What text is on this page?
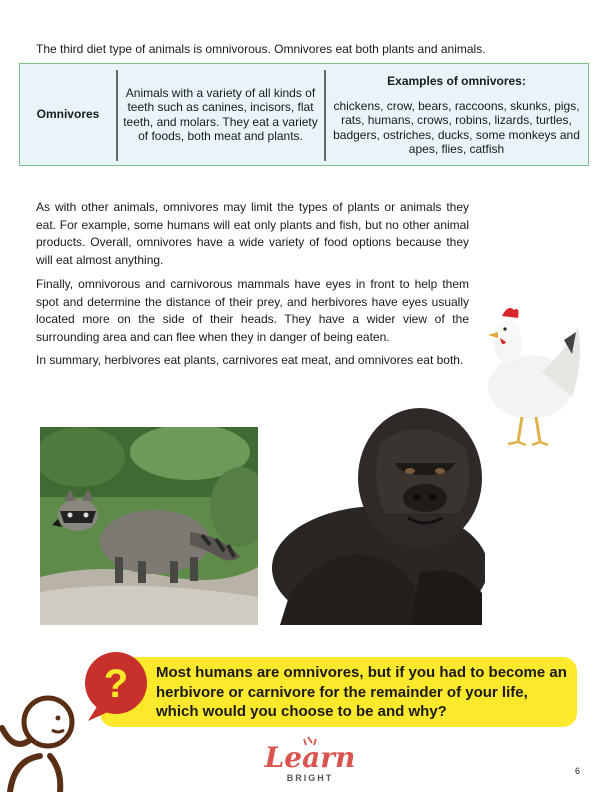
The third diet type of animals is omnivorous. Omnivores eat both plants and animals.
Omnivores
Animals with a variety of all kinds of teeth such as canines, incisors, flat teeth, and molars. They eat a variety of foods, both meat and plants.
Examples of omnivores:
chickens, crow, bears, raccoons, skunks, pigs, rats, humans, crows, robins, lizards, turtles, badgers, ostriches, ducks, some monkeys and apes, flies, catfish
As with other animals, omnivores may limit the types of plants or animals they eat. For example, some humans will eat only plants and fish, but no other animal products. Overall, omnivores have a wide variety of food options because they will eat almost anything.
Finally, omnivorous and carnivorous mammals have eyes in front to help them spot and determine the distance of their prey, and herbivores have eyes usually located more on the side of their heads. They have a wider view of the surrounding area and can flee when they in danger of being eaten.
In summary, herbivores eat plants, carnivores eat meat, and omnivores eat both.
Most humans are omnivores, but if you had to become an herbivore or carnivore for the remainder of your life, which would you choose to be and why?
?
Learn
BRIGHT
6
